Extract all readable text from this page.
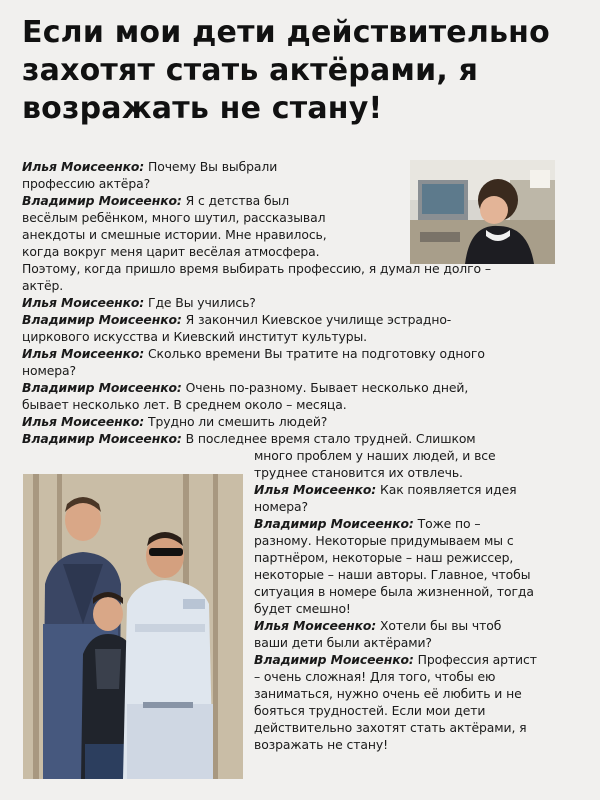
Если мои дети действительно
захотят стать актёрами, я
возражать не стану!
Илья Моисеенко: Почему Вы выбрали
профессию актёра?
Владимир Моисеенко: Я с детства был
весёлым ребёнком, много шутил, рассказывал
анекдоты и смешные истории. Мне нравилось,
когда вокруг меня царит весёлая атмосфера.
Поэтому, когда пришло время выбирать профессию, я думал не долго –
актёр.
Илья Моисеенко: Где Вы учились?
Владимир Моисеенко: Я закончил Киевское училище эстрадно-
циркового искусства и Киевский институт культуры.
Илья Моисеенко: Сколько времени Вы тратите на подготовку одного
номера?
Владимир Моисеенко: Очень по-разному. Бывает несколько дней,
бывает несколько лет. В среднем около – месяца.
Илья Моисеенко: Трудно ли смешить людей?
Владимир Моисеенко: В последнее время стало трудней. Слишком
много проблем у наших людей, и все
труднее становится их отвлечь.
Илья Моисеенко: Как появляется идея
номера?
Владимир Моисеенко: Тоже по –
разному. Некоторые придумываем мы с
партнёром, некоторые – наш режиссер,
некоторые – наши авторы. Главное, чтобы
ситуация в номере была жизненной, тогда
будет смешно!
Илья Моисеенко: Хотели бы вы чтоб
ваши дети были актёрами?
Владимир Моисеенко: Профессия артист
– очень сложная! Для того, чтобы ею
заниматься, нужно очень её любить и не
бояться трудностей. Если мои дети
действительно захотят стать актёрами, я
возражать не стану!
